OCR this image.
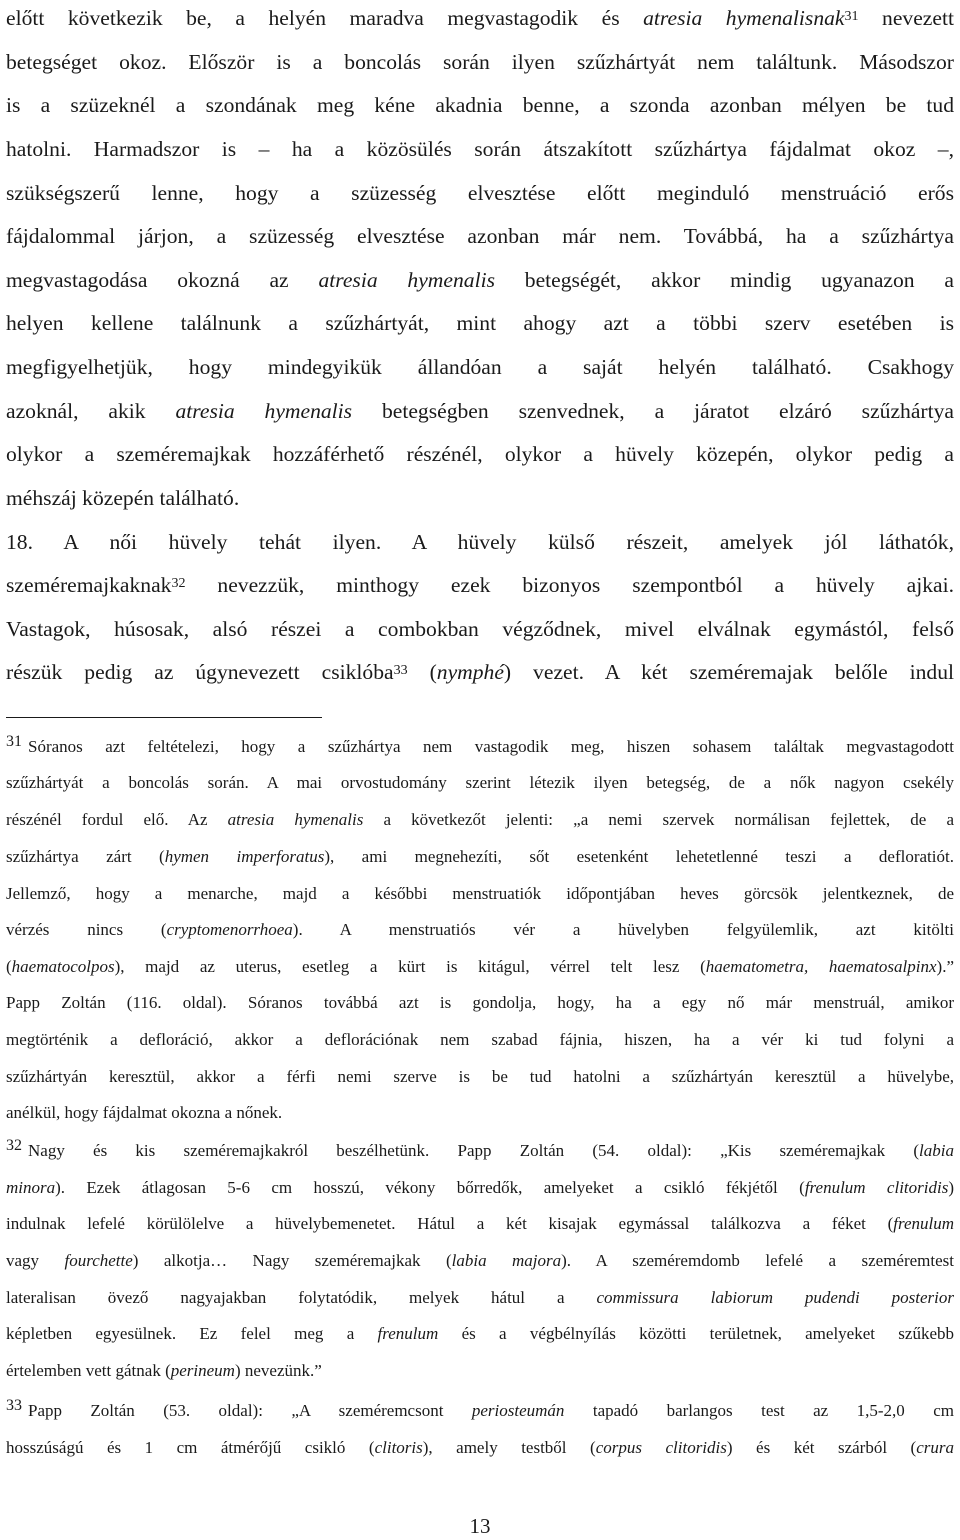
előtt következik be, a helyén maradva megvastagodik és atresia hymenalisnak$^{31}$ nevezett
betegséget okoz. Először is a boncolás során ilyen szűzhártyát nem találtunk. Másodszor
is a szüzeknél a szondának meg kéne akadnia benne, a szonda azonban mélyen be tud
hatolni. Harmadszor is – ha a közösülés során átszakított szűzhártya fájdalmat okoz –,
szükségszerű lenne, hogy a szüzesség elvesztése előtt meginduló menstruáció erős
fájdalommal járjon, a szüzesség elvesztése azonban már nem. Továbbá, ha a szűzhártya
megvastagodása okozná az atresia hymenalis betegségét, akkor mindig ugyanazon a
helyen kellene találnunk a szűzhártyát, mint ahogy azt a többi szerv esetében is
megfigyelhetjük, hogy mindegyikük állandóan a saját helyén található. Csakhogy
azoknál, akik atresia hymenalis betegségben szenvednek, a járatot elzáró szűzhártya
olykor a szeméremajkak hozzáférhető részénél, olykor a hüvely közepén, olykor pedig a
méhszáj közepén található.
18. A női hüvely tehát ilyen. A hüvely külső részeit, amelyek jól láthatók,
szeméremajkaknak$^{32}$ nevezzük, minthogy ezek bizonyos szempontból a hüvely ajkai.
Vastagok, húsosak, alsó részei a combokban végződnek, mivel elválnak egymástól, felső
részük pedig az úgynevezett csiklóba$^{33}$ (nymphé) vezet. A két szeméremajak belőle indul
31 Sóranos azt feltételezi, hogy a szűzhártya nem vastagodik meg, hiszen sohasem találtak megvastagodott
szűzhártyát a boncolás során. A mai orvostudomány szerint létezik ilyen betegség, de a nők nagyon csekély
részénél fordul elő. Az atresia hymenalis a következőt jelenti: „a nemi szervek normálisan fejlettek, de a
szűzhártya zárt (hymen imperforatus), ami megnehezíti, sőt esetenként lehetetlenné teszi a defloratiót.
Jellemző, hogy a menarche, majd a későbbi menstruatiók időpontjában heves görcsök jelentkeznek, de
vérzés nincs (cryptomenorrhoea). A menstruatiós vér a hüvelyben felgyülemlik, azt kitölti
(haematocolpos), majd az uterus, esetleg a kürt is kitágul, vérrel telt lesz (haematometra, haematosalpinx).”
Papp Zoltán (116. oldal). Sóranos továbbá azt is gondolja, hogy, ha a egy nő már menstruál, amikor
megtörténik a defloráció, akkor a deflorációnak nem szabad fájnia, hiszen, ha a vér ki tud folyni a
szűzhártyán keresztül, akkor a férfi nemi szerve is be tud hatolni a szűzhártyán keresztül a hüvelybe,
anélkül, hogy fájdalmat okozna a nőnek.
32 Nagy és kis szeméremajkakról beszélhetünk. Papp Zoltán (54. oldal): „Kis szeméremajkak (labia
minora). Ezek átlagosan 5-6 cm hosszú, vékony bőrredők, amelyeket a csikló fékjétől (frenulum clitoridis)
indulnak lefelé körülölelve a hüvelybemenetet. Hátul a két kisajak egymással találkozva a féket (frenulum
vagy fourchette) alkotja… Nagy szeméremajkak (labia majora). A szeméremdomb lefelé a szeméremtest
lateralisan övező nagyajakban folytatódik, melyek hátul a commissura labiorum pudendi posterior
képletben egyesülnek. Ez felel meg a frenulum és a végbélnyílás közötti területnek, amelyeket szűkebb
értelemben vett gátnak (perineum) nevezünk.”
33 Papp Zoltán (53. oldal): „A szeméremcsont periosteumán tapadó barlangos test az 1,5-2,0 cm
hosszúságú és 1 cm átmérőjű csikló (clitoris), amely testből (corpus clitoridis) és két szárból (crura
13
